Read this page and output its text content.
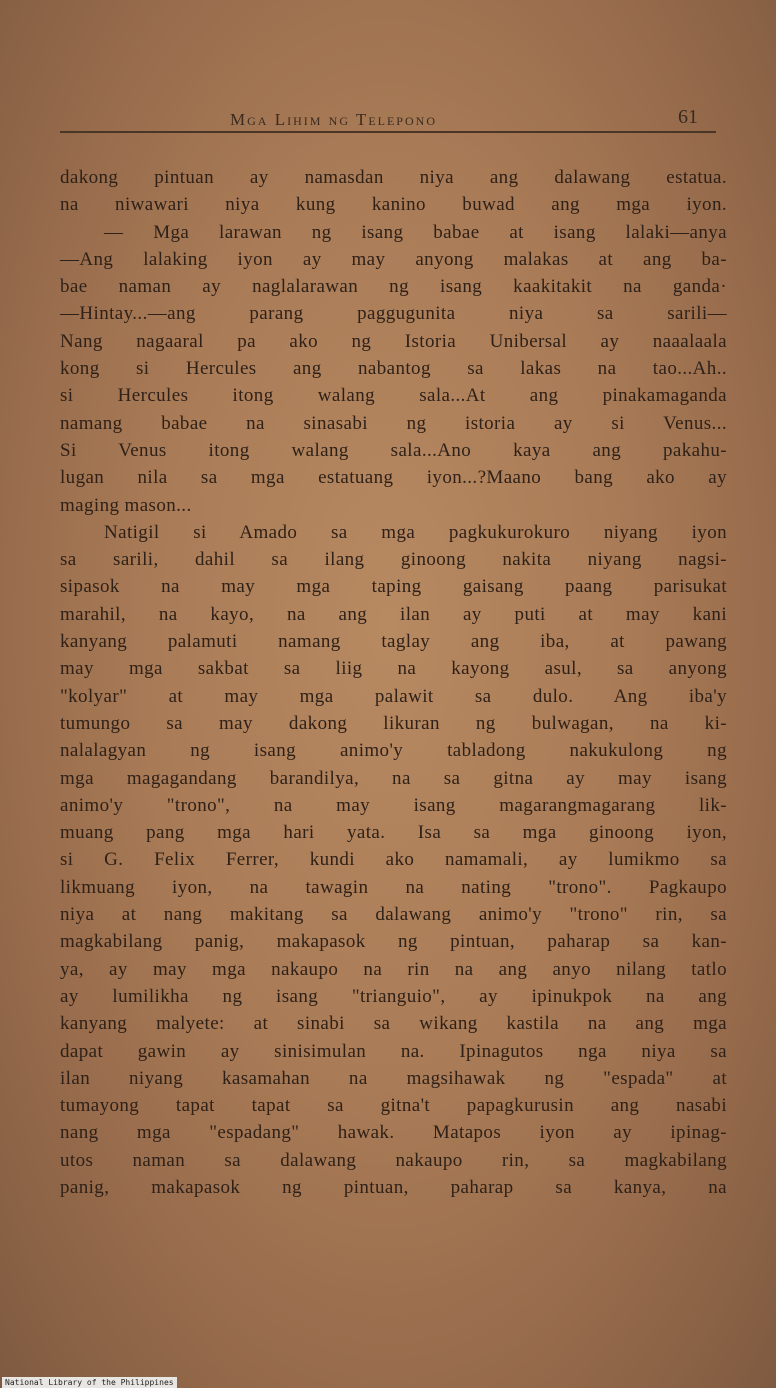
Mga Lihim ng Telepono	61
dakong pintuan ay namasdan niya ang dalawang estatua.
na niwawari niya kung kanino buwad ang mga iyon.
— Mga larawan ng isang babae at isang lalaki—anya
—Ang lalaking iyon ay may anyong malakas at ang ba-
bae naman ay naglalarawan ng isang kaakitakit na ganda·
—Hintay...—ang parang paggugunita niya sa sarili—
Nang nagaaral pa ako ng Istoria Unibersal ay naaalaala
kong si Hercules ang nabantog sa lakas na tao...Ah..
si Hercules itong walang sala...At ang pinakamaganda
namang babae na sinasabi ng istoria ay si Venus...
Si Venus itong walang sala...Ano kaya ang pakahu-
lugan nila sa mga estatuang iyon...?Maano bang ako ay
maging mason...
Natigil si Amado sa mga pagkukurokuro niyang iyon
sa sarili, dahil sa ilang ginoong nakita niyang nagsi-
sipasok na may mga taping gaisang paang parisukat
marahil, na kayo, na ang ilan ay puti at may kani
kanyang palamuti namang taglay ang iba, at pawang
may mga sakbat sa liig na kayong asul, sa anyong
"kolyar" at may mga palawit sa dulo. Ang iba'y
tumungo sa may dakong likuran ng bulwagan, na ki-
nalalagyan ng isang animo'y tabladong nakukulong ng
mga magagandang barandilya, na sa gitna ay may isang
animo'y "trono", na may isang magarangmagarang lik-
muang pang mga hari yata. Isa sa mga ginoong iyon,
si G. Felix Ferrer, kundi ako namamali, ay lumikmo sa
likmuang iyon, na tawagin na nating "trono". Pagkaupo
niya at nang makitang sa dalawang animo'y "trono" rin, sa
magkabilang panig, makapasok ng pintuan, paharap sa kan-
ya, ay may mga nakaupo na rin na ang anyo nilang tatlo
ay lumilikha ng isang "trianguio", ay ipinukpok na ang
kanyang malyete: at sinabi sa wikang kastila na ang mga
dapat gawin ay sinisimulan na. Ipinagutos nga niya sa
ilan niyang kasamahan na magsihawak ng "espada" at
tumayong tapat tapat sa gitna't papagkurusin ang nasabi
nang mga "espadang" hawak. Matapos iyon ay ipinag-
utos naman sa dalawang nakaupo rin, sa magkabilang
panig, makapasok ng pintuan, paharap sa kanya, na
National Library of the Philippines
